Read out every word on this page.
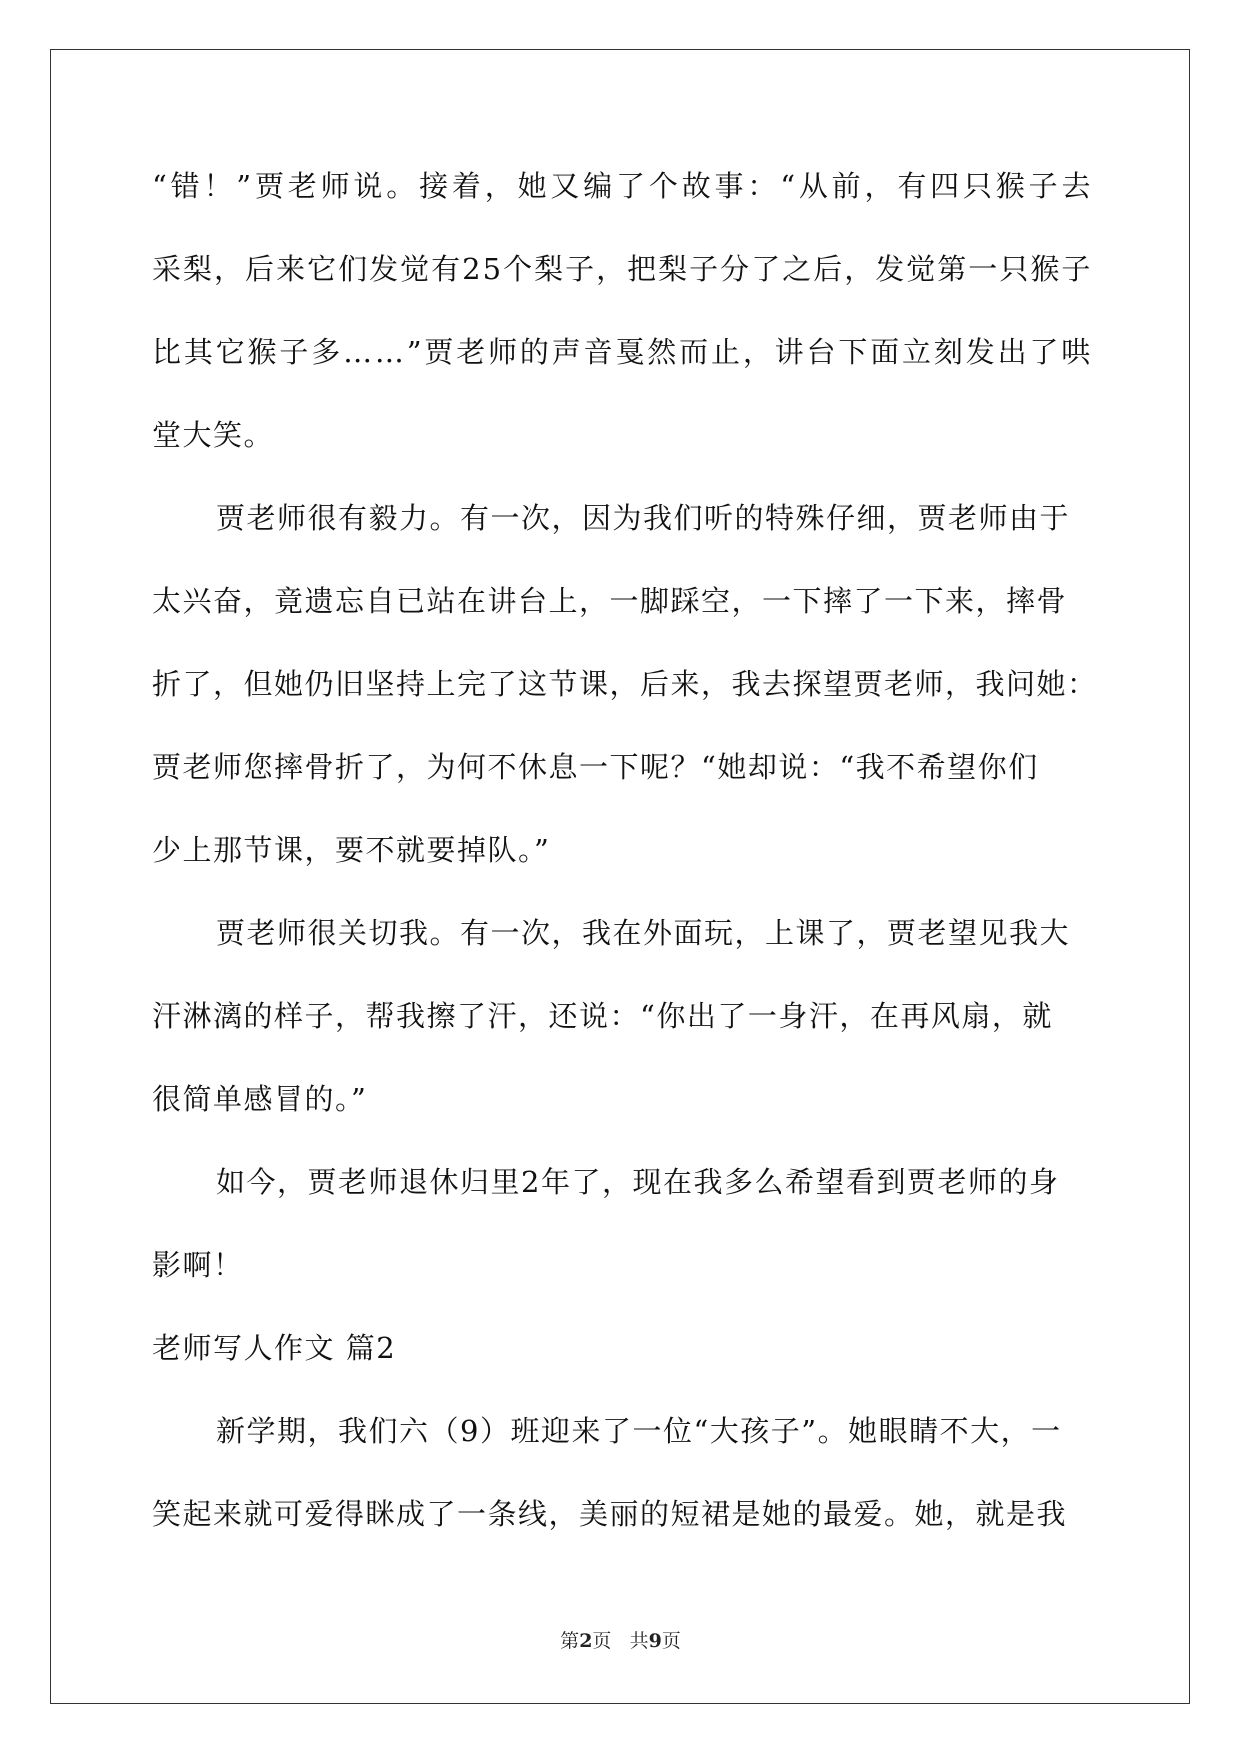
“ 错 ！ ” 贾 老 师 说 。 接 着 ， 她 又 编 了 个 故 事 ： “ 从 前 ， 有 四 只 猴 子 去
采 梨 ， 后 来 它 们 发 觉 有 2 5 个 梨 子 ， 把 梨 子 分 了 之 后 ， 发 觉 第 一 只 猴 子
比 其 它 猴 子 多 … … ” 贾 老 师 的 声 音 戛 然 而 止 ， 讲 台 下 面 立 刻 发 出 了 哄
堂大笑。
贾老师很有毅力。有一次，因为我们听的特殊仔细，贾老师由于
太兴奋，竟遗忘自已站在讲台上，一脚踩空，一下摔了一下来，摔骨
折了，但她仍旧坚持上完了这节课，后来，我去探望贾老师，我问她：
贾老师您摔骨折了，为何不休息一下呢？“她却说：“我不希望你们
少上那节课，要不就要掉队。”
贾老师很关切我。有一次，我在外面玩，上课了，贾老望见我大
汗淋漓的样子，帮我擦了汗，还说：“你出了一身汗，在再风扇，就
很简单感冒的。”
如今，贾老师退休归里2年了，现在我多么希望看到贾老师的身
影啊！
老师写人作文 篇2
新学期，我们六（9）班迎来了一位“大孩子”。她眼睛不大，一
笑起来就可爱得眯成了一条线，美丽的短裙是她的最爱。她，就是我
第2页 共9页
